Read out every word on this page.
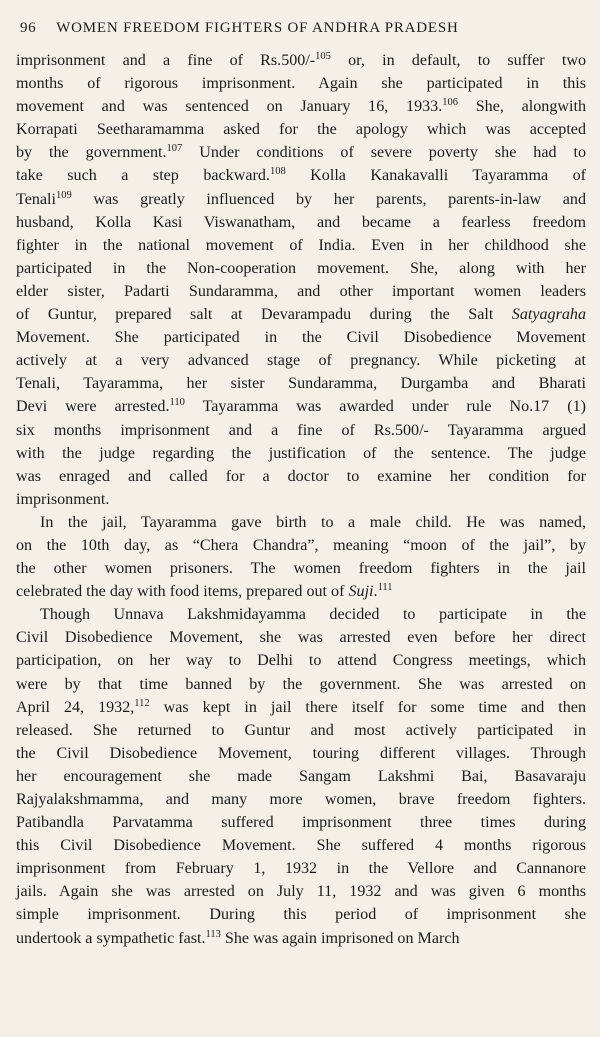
96 WOMEN FREEDOM FIGHTERS OF ANDHRA PRADESH
imprisonment and a fine of Rs.500/-$^{105}$ or, in default, to suffer two
months of rigorous imprisonment. Again she participated in this
movement and was sentenced on January 16, 1933.$^{106}$ She, alongwith
Korrapati Seetharamamma asked for the apology which was accepted
by the government.$^{107}$ Under conditions of severe poverty she had to
take such a step backward.$^{108}$ Kolla Kanakavalli Tayaramma of
Tenali$^{109}$ was greatly influenced by her parents, parents-in-law and
husband, Kolla Kasi Viswanatham, and became a fearless freedom
fighter in the national movement of India. Even in her childhood she
participated in the Non-cooperation movement. She, along with her
elder sister, Padarti Sundaramma, and other important women leaders
of Guntur, prepared salt at Devarampadu during the Salt Satyagraha
Movement. She participated in the Civil Disobedience Movement
actively at a very advanced stage of pregnancy. While picketing at
Tenali, Tayaramma, her sister Sundaramma, Durgamba and Bharati
Devi were arrested.$^{110}$ Tayaramma was awarded under rule No.17 (1)
six months imprisonment and a fine of Rs.500/- Tayaramma argued
with the judge regarding the justification of the sentence. The judge
was enraged and called for a doctor to examine her condition for
imprisonment.
In the jail, Tayaramma gave birth to a male child. He was named,
on the 10th day, as “Chera Chandra”, meaning “moon of the jail”, by
the other women prisoners. The women freedom fighters in the jail
celebrated the day with food items, prepared out of Suji.$^{111}$
Though Unnava Lakshmidayamma decided to participate in the
Civil Disobedience Movement, she was arrested even before her direct
participation, on her way to Delhi to attend Congress meetings, which
were by that time banned by the government. She was arrested on
April 24, 1932,$^{112}$ was kept in jail there itself for some time and then
released. She returned to Guntur and most actively participated in
the Civil Disobedience Movement, touring different villages. Through
her encouragement she made Sangam Lakshmi Bai, Basavaraju
Rajyalakshmamma, and many more women, brave freedom fighters.
Patibandla Parvatamma suffered imprisonment three times during
this Civil Disobedience Movement. She suffered 4 months rigorous
imprisonment from February 1, 1932 in the Vellore and Cannanore
jails. Again she was arrested on July 11, 1932 and was given 6 months
simple imprisonment. During this period of imprisonment she
undertook a sympathetic fast.$^{113}$ She was again imprisoned on March
